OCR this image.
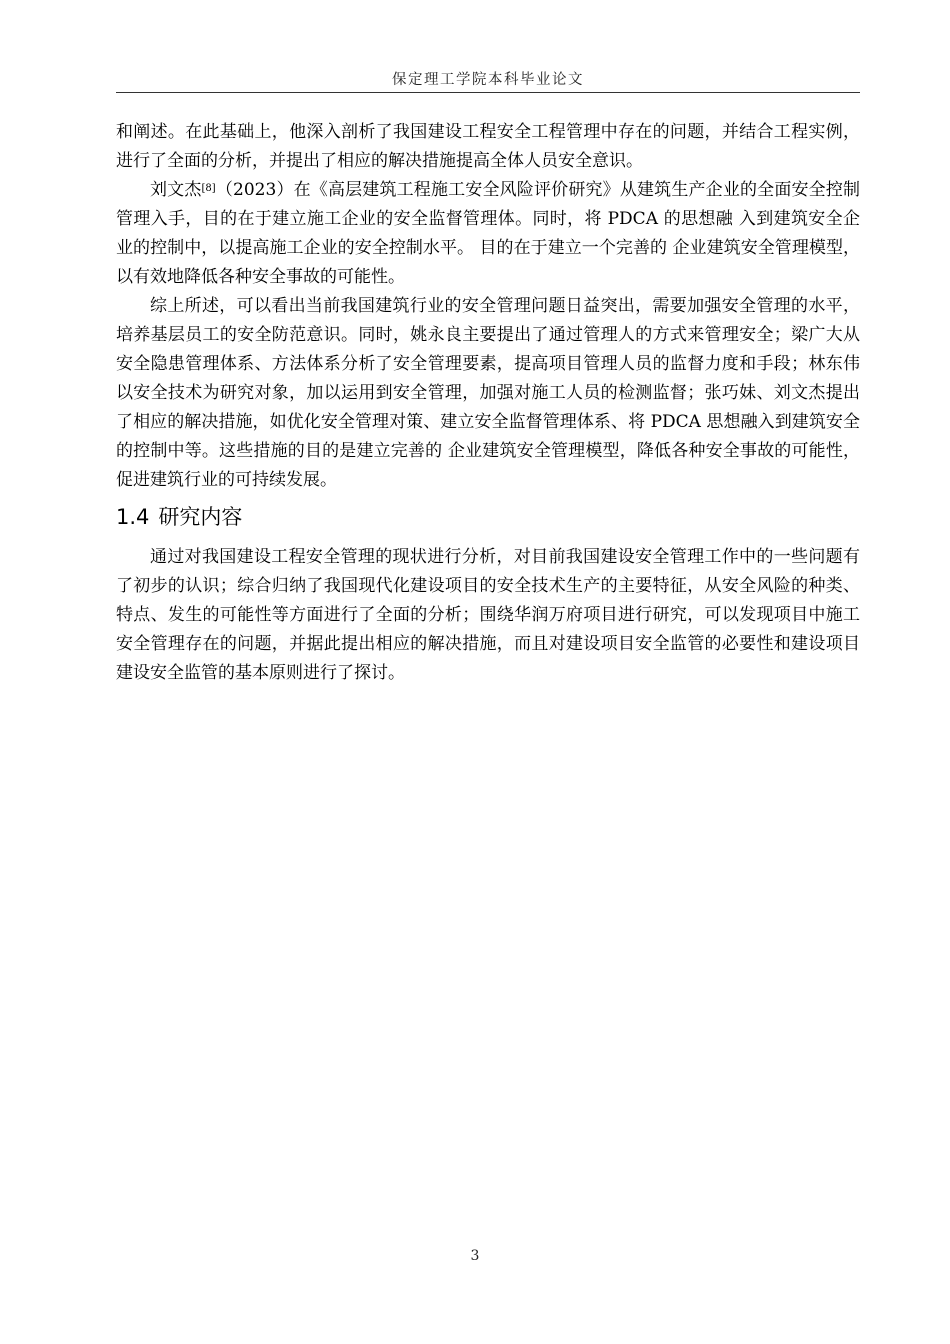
保定理工学院本科毕业论文

和阐述。在此基础上，他深入剖析了我国建设工程安全工程管理中存在的问题，并结合工程实例，进行了全面的分析，并提出了相应的解决措施提高全体人员安全意识。

刘文杰[8]（2023）在《高层建筑工程施工安全风险评价研究》从建筑生产企业的全面安全控制管理入手，目的在于建立施工企业的安全监督管理体。同时，将 PDCA 的思想融 入到建筑安全企业的控制中，以提高施工企业的安全控制水平。 目的在于建立一个完善的 企业建筑安全管理模型，以有效地降低各种安全事故的可能性。

综上所述，可以看出当前我国建筑行业的安全管理问题日益突出，需要加强安全管理的水平，培养基层员工的安全防范意识。同时，姚永良主要提出了通过管理人的方式来管理安全；梁广大从安全隐患管理体系、方法体系分析了安全管理要素，提高项目管理人员的监督力度和手段；林东伟以安全技术为研究对象，加以运用到安全管理，加强对施工人员的检测监督；张巧妹、刘文杰提出了相应的解决措施，如优化安全管理对策、建立安全监督管理体系、将 PDCA 思想融入到建筑安全的控制中等。这些措施的目的是建立完善的 企业建筑安全管理模型，降低各种安全事故的可能性，促进建筑行业的可持续发展。

1.4 研究内容

通过对我国建设工程安全管理的现状进行分析，对目前我国建设安全管理工作中的一些问题有了初步的认识；综合归纳了我国现代化建设项目的安全技术生产的主要特征，从安全风险的种类、特点、发生的可能性等方面进行了全面的分析；围绕华润万府项目进行研究，可以发现项目中施工安全管理存在的问题，并据此提出相应的解决措施，而且对建设项目安全监管的必要性和建设项目建设安全监管的基本原则进行了探讨。

3
